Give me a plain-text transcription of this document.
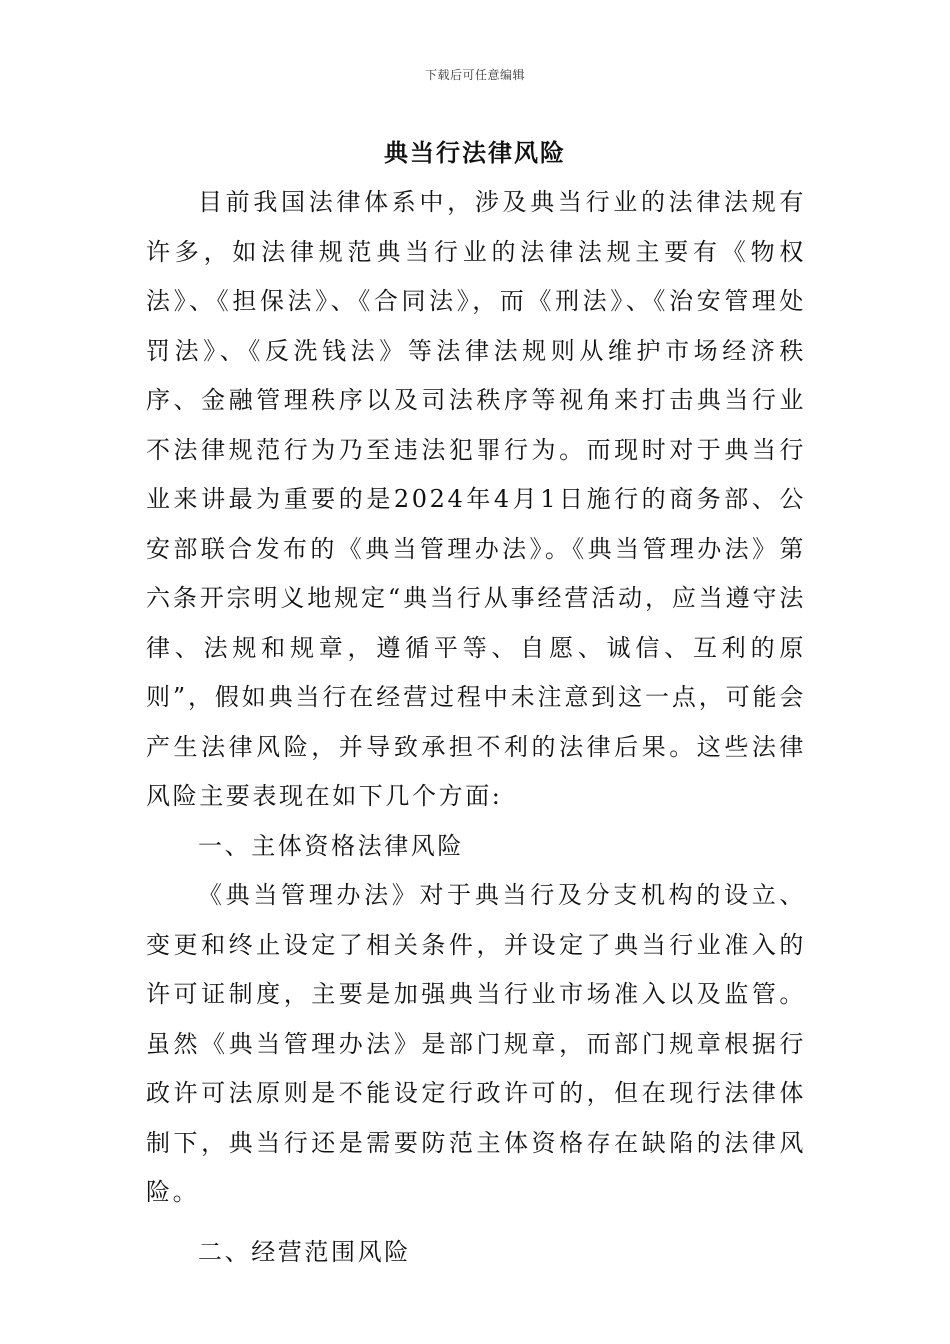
下载后可任意编辑
典当行法律风险

目前我国法律体系中，涉及典当行业的法律法规有许多，如法律规范典当行业的法律法规主要有《物权法》、《担保法》、《合同法》，而《刑法》、《治安管理处罚法》、《反洗钱法》等法律法规则从维护市场经济秩序、金融管理秩序以及司法秩序等视角来打击典当行业不法律规范行为乃至违法犯罪行为。而现时对于典当行业来讲最为重要的是2024年4月1日施行的商务部、公安部联合发布的《典当管理办法》。《典当管理办法》第六条开宗明义地规定“典当行从事经营活动，应当遵守法律、法规和规章，遵循平等、自愿、诚信、互利的原则”，假如典当行在经营过程中未注意到这一点，可能会产生法律风险，并导致承担不利的法律后果。这些法律风险主要表现在如下几个方面:

一、主体资格法律风险

《典当管理办法》对于典当行及分支机构的设立、变更和终止设定了相关条件，并设定了典当行业准入的许可证制度，主要是加强典当行业市场准入以及监管。虽然《典当管理办法》是部门规章，而部门规章根据行政许可法原则是不能设定行政许可的，但在现行法律体制下，典当行还是需要防范主体资格存在缺陷的法律风险。

二、经营范围风险
